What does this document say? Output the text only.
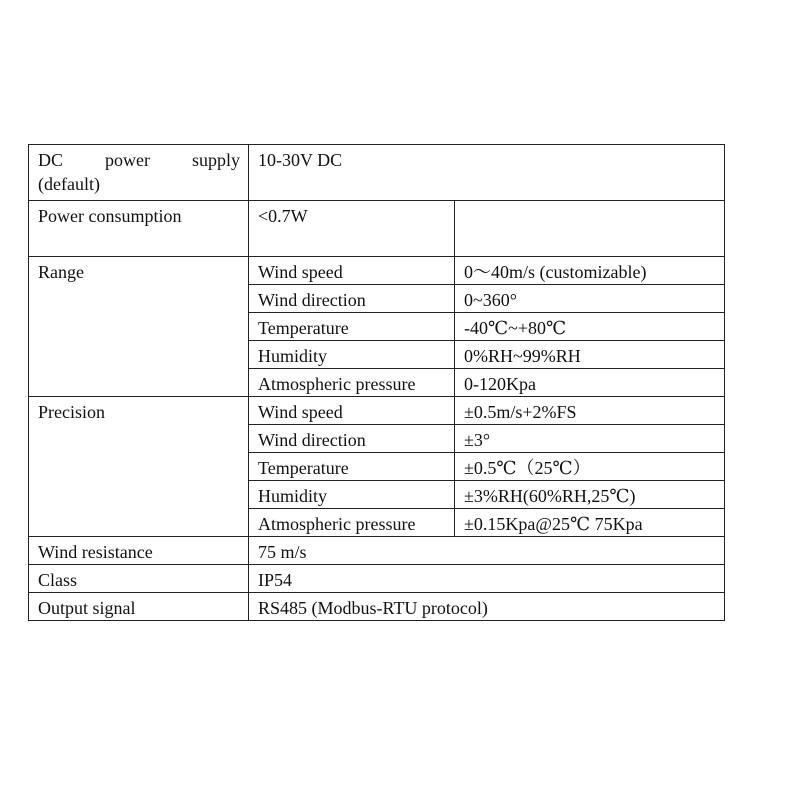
DC power supply
(default)	10-30V DC	
Power consumption	<0.7W	
Range	Wind speed	0～40m/s (customizable)
	Wind direction	0~360°
	Temperature	-40℃~+80℃
	Humidity	0%RH~99%RH
	Atmospheric pressure	0-120Kpa
Precision	Wind speed	±0.5m/s+2%FS
	Wind direction	±3°
	Temperature	±0.5℃（25℃）
	Humidity	±3%RH(60%RH,25℃)
	Atmospheric pressure	±0.15Kpa@25℃ 75Kpa
Wind resistance	75 m/s	
Class	IP54	
Output signal	RS485 (Modbus-RTU protocol)	
